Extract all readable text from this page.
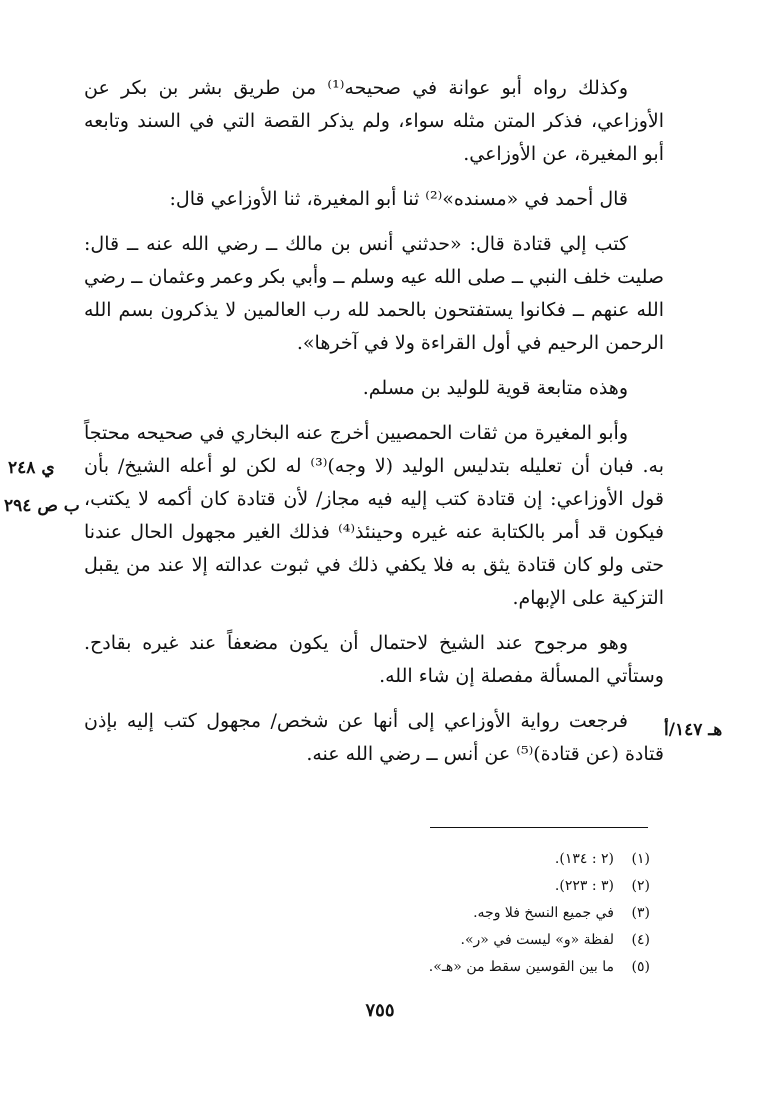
وكذلك رواه أبو عوانة في صحيحه⁽¹⁾ من طريق بشر بن بكر عن الأوزاعي، فذكر المتن مثله سواء، ولم يذكر القصة التي في السند وتابعه أبو المغيرة، عن الأوزاعي.

قال أحمد في «مسنده»⁽²⁾ ثنا أبو المغيرة، ثنا الأوزاعي قال:

كتب إلي قتادة قال: «حدثني أنس بن مالك ــ رضي الله عنه ــ قال: صليت خلف النبي ــ صلى الله عيه وسلم ــ وأبي بكر وعمر وعثمان ــ رضي الله عنهم ــ فكانوا يستفتحون بالحمد لله رب العالمين لا يذكرون بسم الله الرحمن الرحيم في أول القراءة ولا في آخرها».

وهذه متابعة قوية للوليد بن مسلم.

وأبو المغيرة من ثقات الحمصيين أخرج عنه البخاري في صحيحه محتجاً به. فبان أن تعليله بتدليس الوليد (لا وجه)⁽³⁾ له لكن لو أعله الشيخ/ بأن قول الأوزاعي: إن قتادة كتب إليه فيه مجاز/ لأن قتادة كان أكمه لا يكتب، فيكون قد أمر بالكتابة عنه غيره وحينئذ⁽⁴⁾ فذلك الغير مجهول الحال عندنا حتى ولو كان قتادة يثق به فلا يكفي ذلك في ثبوت عدالته إلا عند من يقبل التزكية على الإبهام.

وهو مرجوح عند الشيخ لاحتمال أن يكون مضعفاً عند غيره بقادح. وستأتي المسألة مفصلة إن شاء الله.

فرجعت رواية الأوزاعي إلى أنها عن شخص/ مجهول كتب إليه بإذن قتادة (عن قتادة)⁽⁵⁾ عن أنس ــ رضي الله عنه.

ي ٢٤٨
ب ص ٢٩٤
هـ ١٤٧/أ
(١)
(٢ : ١٣٤).
(٢)
(٣ : ٢٢٣).
(٣)
في جميع النسخ فلا وجه.
(٤)
لفظة «و» ليست في «ر».
(٥)
ما بين القوسين سقط من «هـ».
٧٥٥
